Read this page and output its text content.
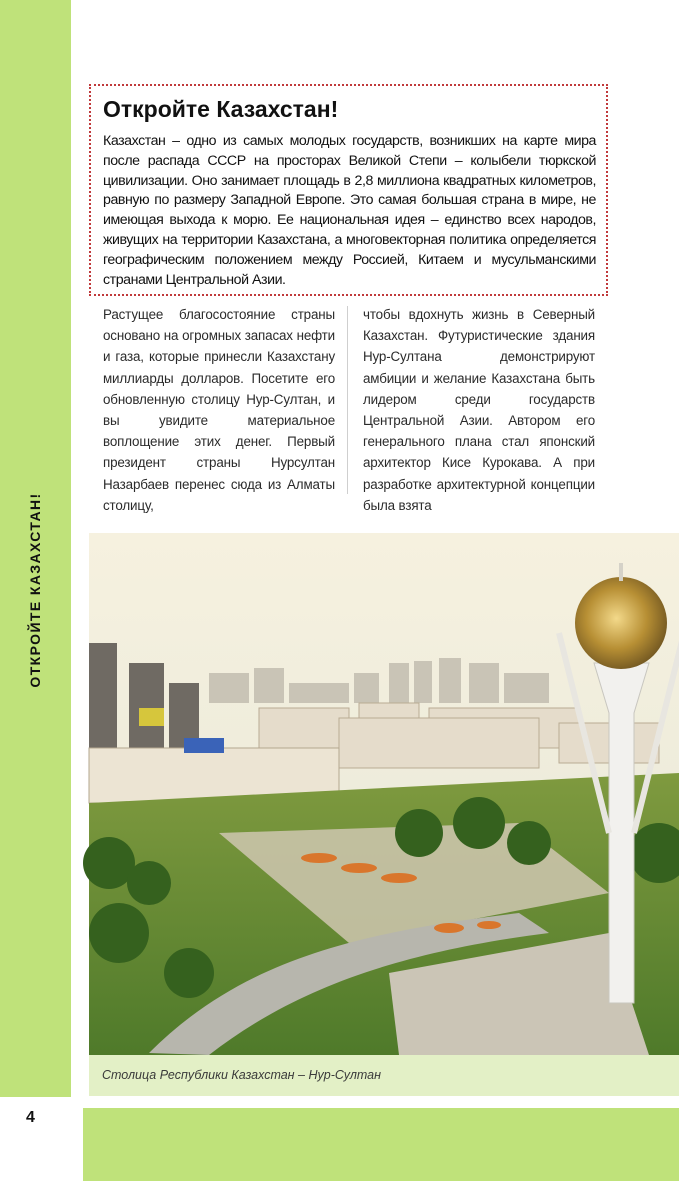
ОТКРОЙТЕ КАЗАХСТАН!
4
Откройте Казахстан!

Казахстан – одно из самых молодых государств, возникших на карте мира после распада СССР на просторах Великой Степи – колыбели тюркской цивилизации. Оно занимает площадь в 2,8 миллиона квадратных километров, равную по размеру Западной Европе. Это самая большая страна в мире, не имеющая выхода к морю. Ее национальная идея – единство всех народов, живущих на территории Казахстана, а многовекторная политика определяется географическим положением между Россией, Китаем и мусульманскими странами Центральной Азии.

Растущее благосостояние страны основано на огромных запасах нефти и газа, которые принесли Казахстану миллиарды долларов. Посетите его обновленную столицу Нур-Султан, и вы увидите материальное воплощение этих денег. Первый президент страны Нурсултан Назарбаев перенес сюда из Алматы столицу,

чтобы вдохнуть жизнь в Северный Казахстан. Футуристические здания Нур-Султана демонстрируют амбиции и желание Казахстана быть лидером среди государств Центральной Азии. Автором его генерального плана стал японский архитектор Кисе Курокава. А при разработке архитектурной концепции была взята

Столица Республики Казахстан – Нур-Султан
